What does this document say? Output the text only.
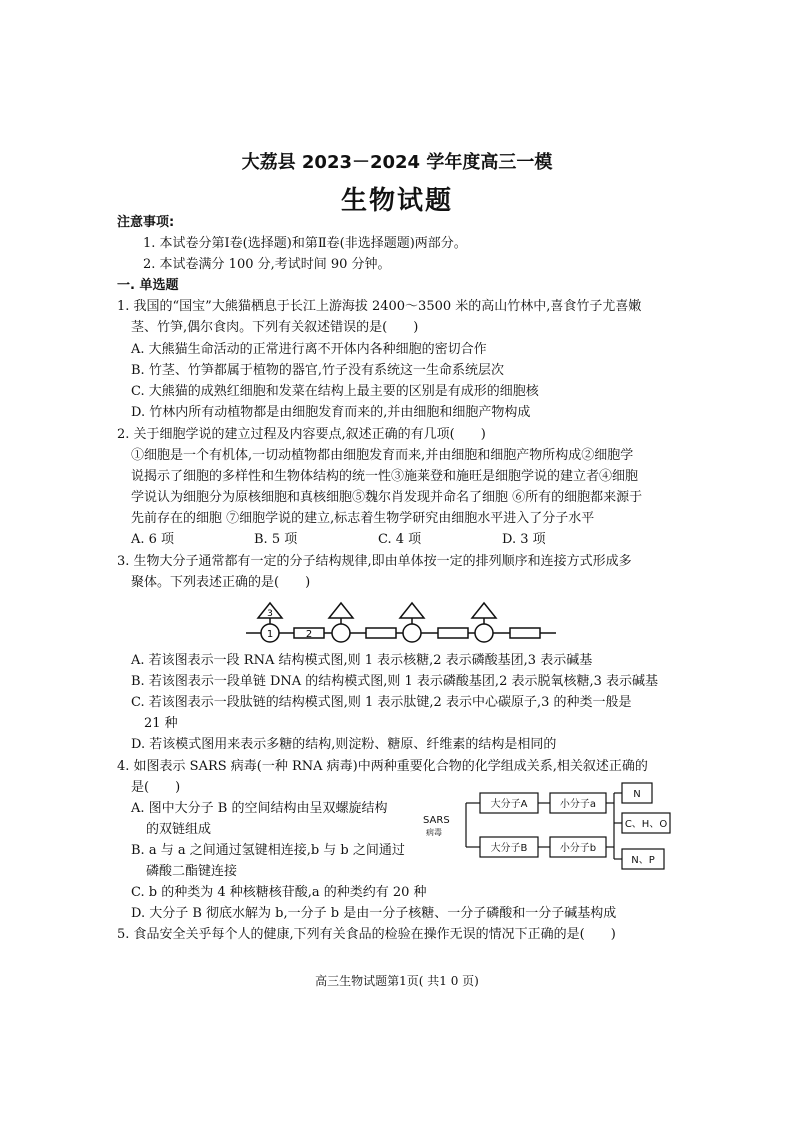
大荔县 2023－2024 学年度高三一模
生物试题
注意事项:
1. 本试卷分第Ⅰ卷(选择题)和第Ⅱ卷(非选择题题)两部分。
2. 本试卷满分 100 分,考试时间 90 分钟。
一. 单选题
1. 我国的“国宝”大熊猫栖息于长江上游海拔 2400～3500 米的高山竹林中,喜食竹子尤喜嫩
茎、竹笋,偶尔食肉。下列有关叙述错误的是(　　)
A. 大熊猫生命活动的正常进行离不开体内各种细胞的密切合作
B. 竹茎、竹笋都属于植物的器官,竹子没有系统这一生命系统层次
C. 大熊猫的成熟红细胞和发菜在结构上最主要的区别是有成形的细胞核
D. 竹林内所有动植物都是由细胞发育而来的,并由细胞和细胞产物构成
2. 关于细胞学说的建立过程及内容要点,叙述正确的有几项(　　)
①细胞是一个有机体,一切动植物都由细胞发育而来,并由细胞和细胞产物所构成②细胞学
说揭示了细胞的多样性和生物体结构的统一性③施莱登和施旺是细胞学说的建立者④细胞
学说认为细胞分为原核细胞和真核细胞⑤魏尔肖发现并命名了细胞 ⑥所有的细胞都来源于
先前存在的细胞 ⑦细胞学说的建立,标志着生物学研究由细胞水平进入了分子水平
A. 6 项	B. 5 项	C. 4 项	D. 3 项
3. 生物大分子通常都有一定的分子结构规律,即由单体按一定的排列顺序和连接方式形成多
聚体。下列表述正确的是(　　)
3
1	2
A. 若该图表示一段 RNA 结构模式图,则 1 表示核糖,2 表示磷酸基团,3 表示碱基
B. 若该图表示一段单链 DNA 的结构模式图,则 1 表示磷酸基团,2 表示脱氧核糖,3 表示碱基
C. 若该图表示一段肽链的结构模式图,则 1 表示肽键,2 表示中心碳原子,3 的种类一般是
21 种
D. 若该模式图用来表示多糖的结构,则淀粉、糖原、纤维素的结构是相同的
4. 如图表示 SARS 病毒(一种 RNA 病毒)中两种重要化合物的化学组成关系,相关叙述正确的
是(　　)
A. 图中大分子 B 的空间结构由呈双螺旋结构
的双链组成
B. a 与 a 之间通过氢键相连接,b 与 b 之间通过
磷酸二酯键连接
C. b 的种类为 4 种核糖核苷酸,a 的种类约有 20 种
D. 大分子 B 彻底水解为 b,一分子 b 是由一分子核糖、一分子磷酸和一分子碱基构成
SARS
病毒
大分子A
大分子B
小分子a
小分子b
N
C、H、O
N、P
5. 食品安全关乎每个人的健康,下列有关食品的检验在操作无误的情况下正确的是(　　)
高三生物试题第1页( 共1 0 页)
